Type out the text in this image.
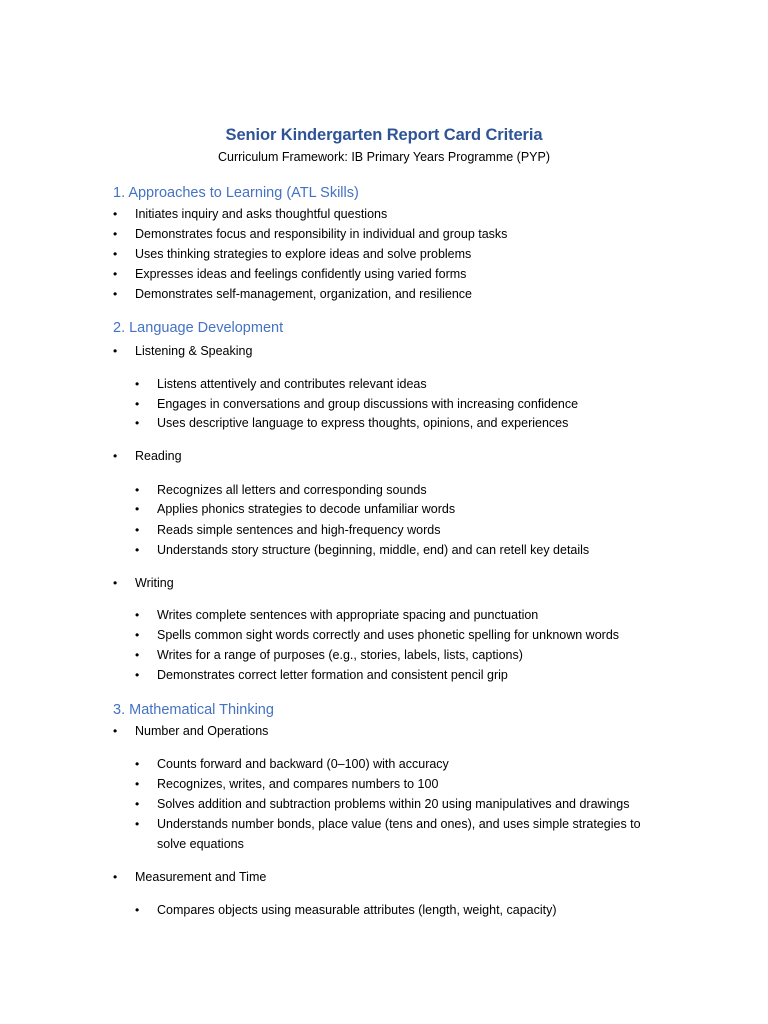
Senior Kindergarten Report Card Criteria
Curriculum Framework: IB Primary Years Programme (PYP)
1. Approaches to Learning (ATL Skills)
•	Initiates inquiry and asks thoughtful questions
•	Demonstrates focus and responsibility in individual and group tasks
•	Uses thinking strategies to explore ideas and solve problems
•	Expresses ideas and feelings confidently using varied forms
•	Demonstrates self-management, organization, and resilience
2. Language Development
•	Listening & Speaking
•	Listens attentively and contributes relevant ideas
•	Engages in conversations and group discussions with increasing confidence
•	Uses descriptive language to express thoughts, opinions, and experiences
•	Reading
•	Recognizes all letters and corresponding sounds
•	Applies phonics strategies to decode unfamiliar words
•	Reads simple sentences and high-frequency words
•	Understands story structure (beginning, middle, end) and can retell key details
•	Writing
•	Writes complete sentences with appropriate spacing and punctuation
•	Spells common sight words correctly and uses phonetic spelling for unknown words
•	Writes for a range of purposes (e.g., stories, labels, lists, captions)
•	Demonstrates correct letter formation and consistent pencil grip
3. Mathematical Thinking
•	Number and Operations
•	Counts forward and backward (0–100) with accuracy
•	Recognizes, writes, and compares numbers to 100
•	Solves addition and subtraction problems within 20 using manipulatives and drawings
•	Understands number bonds, place value (tens and ones), and uses simple strategies to solve equations
•	Measurement and Time
•	Compares objects using measurable attributes (length, weight, capacity)
